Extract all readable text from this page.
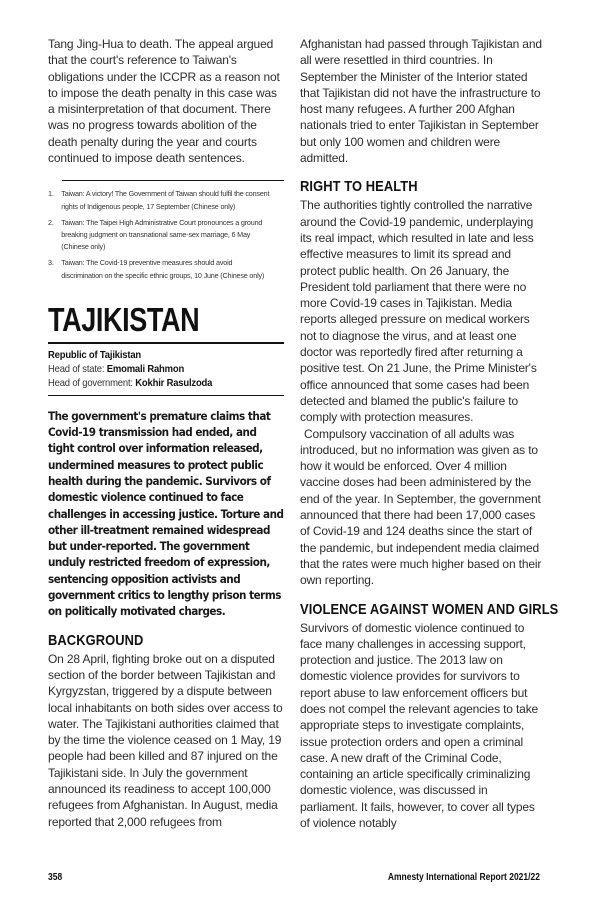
Tang Jing-Hua to death. The appeal argued that the court's reference to Taiwan's obligations under the ICCPR as a reason not to impose the death penalty in this case was a misinterpretation of that document. There was no progress towards abolition of the death penalty during the year and courts continued to impose death sentences.

1.	Taiwan: A victory! The Government of Taiwan should fulfil the consent rights of Indigenous people, 17 September (Chinese only)
2.	Taiwan: The Taipei High Administrative Court pronounces a ground breaking judgment on transnational same-sex marriage, 6 May (Chinese only)
3.	Taiwan: The Covid-19 preventive measures should avoid discrimination on the specific ethnic groups, 10 June (Chinese only)
TAJIKISTAN
Republic of Tajikistan
Head of state: Emomali Rahmon
Head of government: Kokhir Rasulzoda

The government's premature claims that Covid-19 transmission had ended, and tight control over information released, undermined measures to protect public health during the pandemic. Survivors of domestic violence continued to face challenges in accessing justice. Torture and other ill-treatment remained widespread but under-reported. The government unduly restricted freedom of expression, sentencing opposition activists and government critics to lengthy prison terms on politically motivated charges.

BACKGROUND

On 28 April, fighting broke out on a disputed section of the border between Tajikistan and Kyrgyzstan, triggered by a dispute between local inhabitants on both sides over access to water. The Tajikistani authorities claimed that by the time the violence ceased on 1 May, 19 people had been killed and 87 injured on the Tajikistani side. In July the government announced its readiness to accept 100,000 refugees from Afghanistan. In August, media reported that 2,000 refugees from

Afghanistan had passed through Tajikistan and all were resettled in third countries. In September the Minister of the Interior stated that Tajikistan did not have the infrastructure to host many refugees. A further 200 Afghan nationals tried to enter Tajikistan in September but only 100 women and children were admitted.

RIGHT TO HEALTH

The authorities tightly controlled the narrative around the Covid-19 pandemic, underplaying its real impact, which resulted in late and less effective measures to limit its spread and protect public health. On 26 January, the President told parliament that there were no more Covid-19 cases in Tajikistan. Media reports alleged pressure on medical workers not to diagnose the virus, and at least one doctor was reportedly fired after returning a positive test. On 21 June, the Prime Minister's office announced that some cases had been detected and blamed the public's failure to comply with protection measures.

Compulsory vaccination of all adults was introduced, but no information was given as to how it would be enforced. Over 4 million vaccine doses had been administered by the end of the year. In September, the government announced that there had been 17,000 cases of Covid-19 and 124 deaths since the start of the pandemic, but independent media claimed that the rates were much higher based on their own reporting.

VIOLENCE AGAINST WOMEN AND GIRLS

Survivors of domestic violence continued to face many challenges in accessing support, protection and justice. The 2013 law on domestic violence provides for survivors to report abuse to law enforcement officers but does not compel the relevant agencies to take appropriate steps to investigate complaints, issue protection orders and open a criminal case. A new draft of the Criminal Code, containing an article specifically criminalizing domestic violence, was discussed in parliament. It fails, however, to cover all types of violence notably

358	Amnesty International Report 2021/22
